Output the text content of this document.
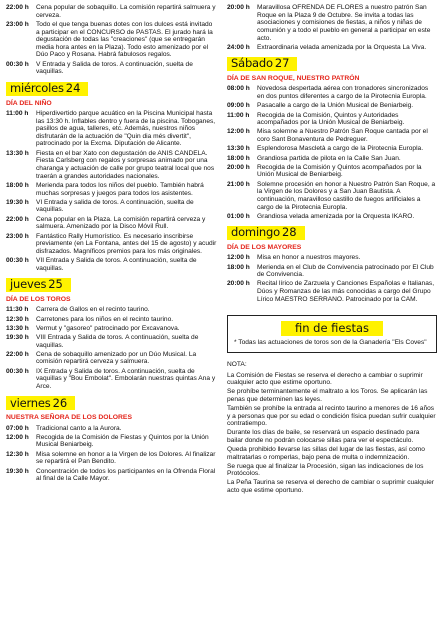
22:00 h	Cena popular de sobaquillo. La comisión repartirá salmuera y cerveza.
23:00 h	Todo el que tenga buenas dotes con los dulces está invitado a participar en el CONCURSO de PASTAS. El jurado hará la degustación de todas las "creaciones" (que se entregarán media hora antes en la Plaza). Todo esto amenizado por el Dúo Paco y Rosana. Habrá fabulosos regalos.
00:30 h	V Entrada y Salida de toros. A continuación, suelta de vaquillas.
miércoles 24
DÍA DEL NIÑO
11:00 h	Hiperdivertido parque acuático en la Piscina Municipal hasta las 13:30 h. Inflables dentro y fuera de la piscina. Toboganes, pasillos de agua, talleres, etc. Además, nuestros niños disfrutarán de la actuación de "Quin dia més divertit", patrocinado por la Excma. Diputación de Alicante.
13:30 h	Fiesta en el bar Xato con degustación de ANIS CANDELA. Fiesta Carlsberg con regalos y sorpresas animado por una charanga y actuación de calle por grupo teatral local que nos traerán a grandes autoridades nacionales.
18:00 h	Merienda para todos los niños del pueblo. También habrá muchas sorpresas y juegos para todos los asistentes.
19:30 h	VI Entrada y salida de toros. A continuación, suelta de vaquillas.
22:00 h	Cena popular en la Plaza. La comisión repartirá cerveza y salmuera. Amenizado por la Disco Móvil Rull.
23:00 h	Fantástico Rally Humorístico. Es necesario inscribirse previamente (en La Fontana, antes del 15 de agosto) y acudir disfrazados. Magníficos premios para los más originales.
00:30 h	VII Entrada y Salida de toros. A continuación, suelta de vaquillas.
jueves 25
DÍA DE LOS TOROS
11:30 h	Carrera de Gallos en el recinto taurino.
12:30 h	Carretones para los niños en el recinto taurino.
13:30 h	Vermut y "gasoreo" patrocinado por Excavanova.
19:30 h	VIII Entrada y Salida de toros. A continuación, suelta de vaquillas.
22:00 h	Cena de sobaquillo amenizado por un Dúo Musical. La comisión repartirá cerveza y salmuera.
00:30 h	IX Entrada y Salida de toros. A continuación, suelta de vaquillas y "Bou Embolat". Embolarán nuestras quintas Ana y Arce.
viernes 26
NUESTRA SEÑORA DE LOS DOLORES
07:00 h	Tradicional canto a la Aurora.
12:00 h	Recogida de la Comisión de Fiestas y Quintos por la Unión Musical Beniarbeig.
12:30 h	Misa solemne en honor a la Virgen de los Dolores. Al finalizar se repartirá el Pan Bendito.
19:30 h	Concentración de todos los participantes en la Ofrenda Floral al final de la Calle Mayor.
20:00 h	Maravillosa OFRENDA DE FLORES a nuestro patrón San Roque en la Plaza 9 de Octubre. Se invita a todas las asociaciones y comisiones de fiestas, a niños y niñas de comunión y a todo el pueblo en general a participar en este acto.
24:00 h	Extraordinaria velada amenizada por la Orquesta La Viva.
Sábado 27
DÍA DE SAN ROQUE, NUESTRO PATRÓN
08:00 h	Novedosa despertada aérea con tronadores sincronizados en dos puntos diferentes a cargo de la Pirotecnia Europla.
09:00 h	Pasacalle a cargo de la Unión Musical de Beniarbeig.
11:00 h	Recogida de la Comisión, Quintos y Autoridades acompañados por la Unión Musical de Beniarbeig.
12:00 h	Misa solemne a Nuestro Patrón San Roque cantada por el coro Sant Bonaventura de Pedreguer.
13:30 h	Esplendorosa Mascletà a cargo de la Pirotecnia Europla.
18:00 h	Grandiosa partida de pilota en la Calle San Juan.
20:00 h	Recogida de la Comisión y Quintos acompañados por la Unión Musical de Beniarbeig.
21:00 h	Solemne procesión en honor a Nuestro Patrón San Roque, a la Virgen de los Dolores y a San Juan Bautista. A continuación, maravilloso castillo de fuegos artificiales a cargo de la Pirotecnia Europla.
01:00 h	Grandiosa velada amenizada por la Orquesta IKARO.
domingo 28
DÍA DE LOS MAYORES
12:00 h	Misa en honor a nuestros mayores.
18:00 h	Merienda en el Club de Convivencia patrocinado por El Club de Convivencia.
20:00 h	Recital lírico de Zarzuela y Canciones Españolas e Italianas, Dúos y Romanzas de las más conocidas a cargo del Grupo Lírico MAESTRO SERRANO. Patrocinado por la CAM.
fin de fiestas
* Todas las actuaciones de toros son de la Ganadería "Els Coves"

NOTA:

La Comisión de Fiestas se reserva el derecho a cambiar o suprimir cualquier acto que estime oportuno.

Se prohíbe terminantemente el maltrato a los Toros. Se aplicarán las penas que determinen las leyes.

También se prohíbe la entrada al recinto taurino a menores de 16 años y a personas que por su edad o condición física puedan sufrir cualquier contratiempo.

Durante los días de baile, se reservará un espacio destinado para bailar donde no podrán colocarse sillas para ver el espectáculo.

Queda prohibido llevarse las sillas del lugar de las fiestas, así como maltratarlas o romperlas, bajo pena de multa o indemnización.

Se ruega que al finalizar la Procesión, sigan las indicaciones de los Protócolos.

La Peña Taurina se reserva el derecho de cambiar o suprimir cualquier acto que estime oportuno.
